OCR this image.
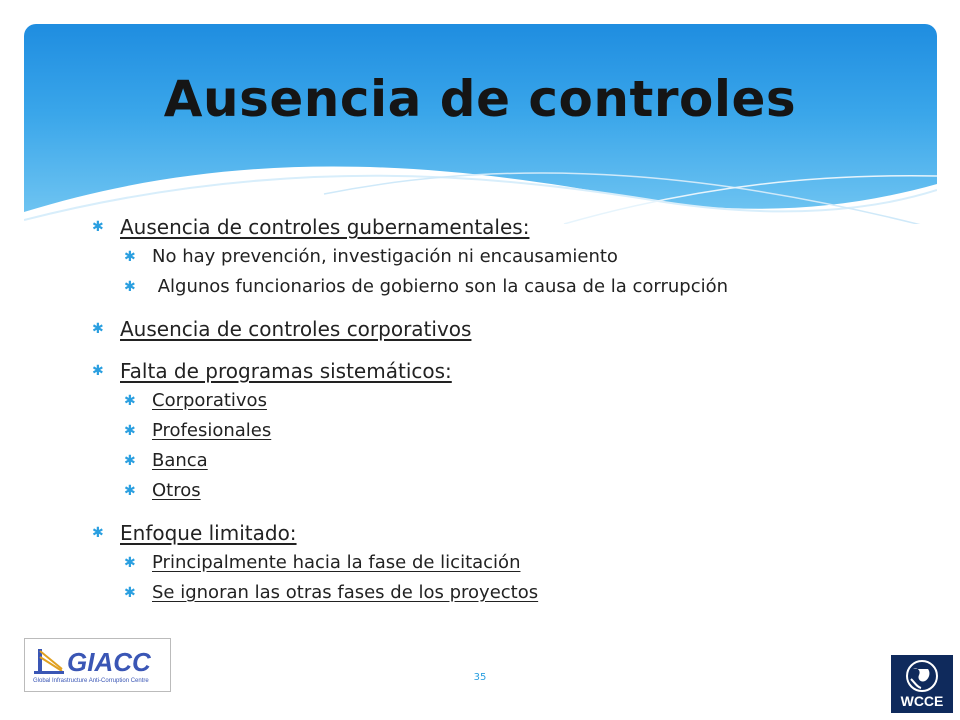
Ausencia de controles
✱ Ausencia de controles gubernamentales:
✱ No hay prevención, investigación ni encausamiento
✱ Algunos funcionarios de gobierno son la causa de la corrupción
✱ Ausencia de controles corporativos
✱ Falta de programas sistemáticos:
✱ Corporativos
✱ Profesionales
✱ Banca
✱ Otros
✱ Enfoque limitado:
✱ Principalmente hacia la fase de licitación
✱ Se ignoran las otras fases de los proyectos
35
GIACC
Global Infrastructure Anti-Corruption Centre
WCCE
